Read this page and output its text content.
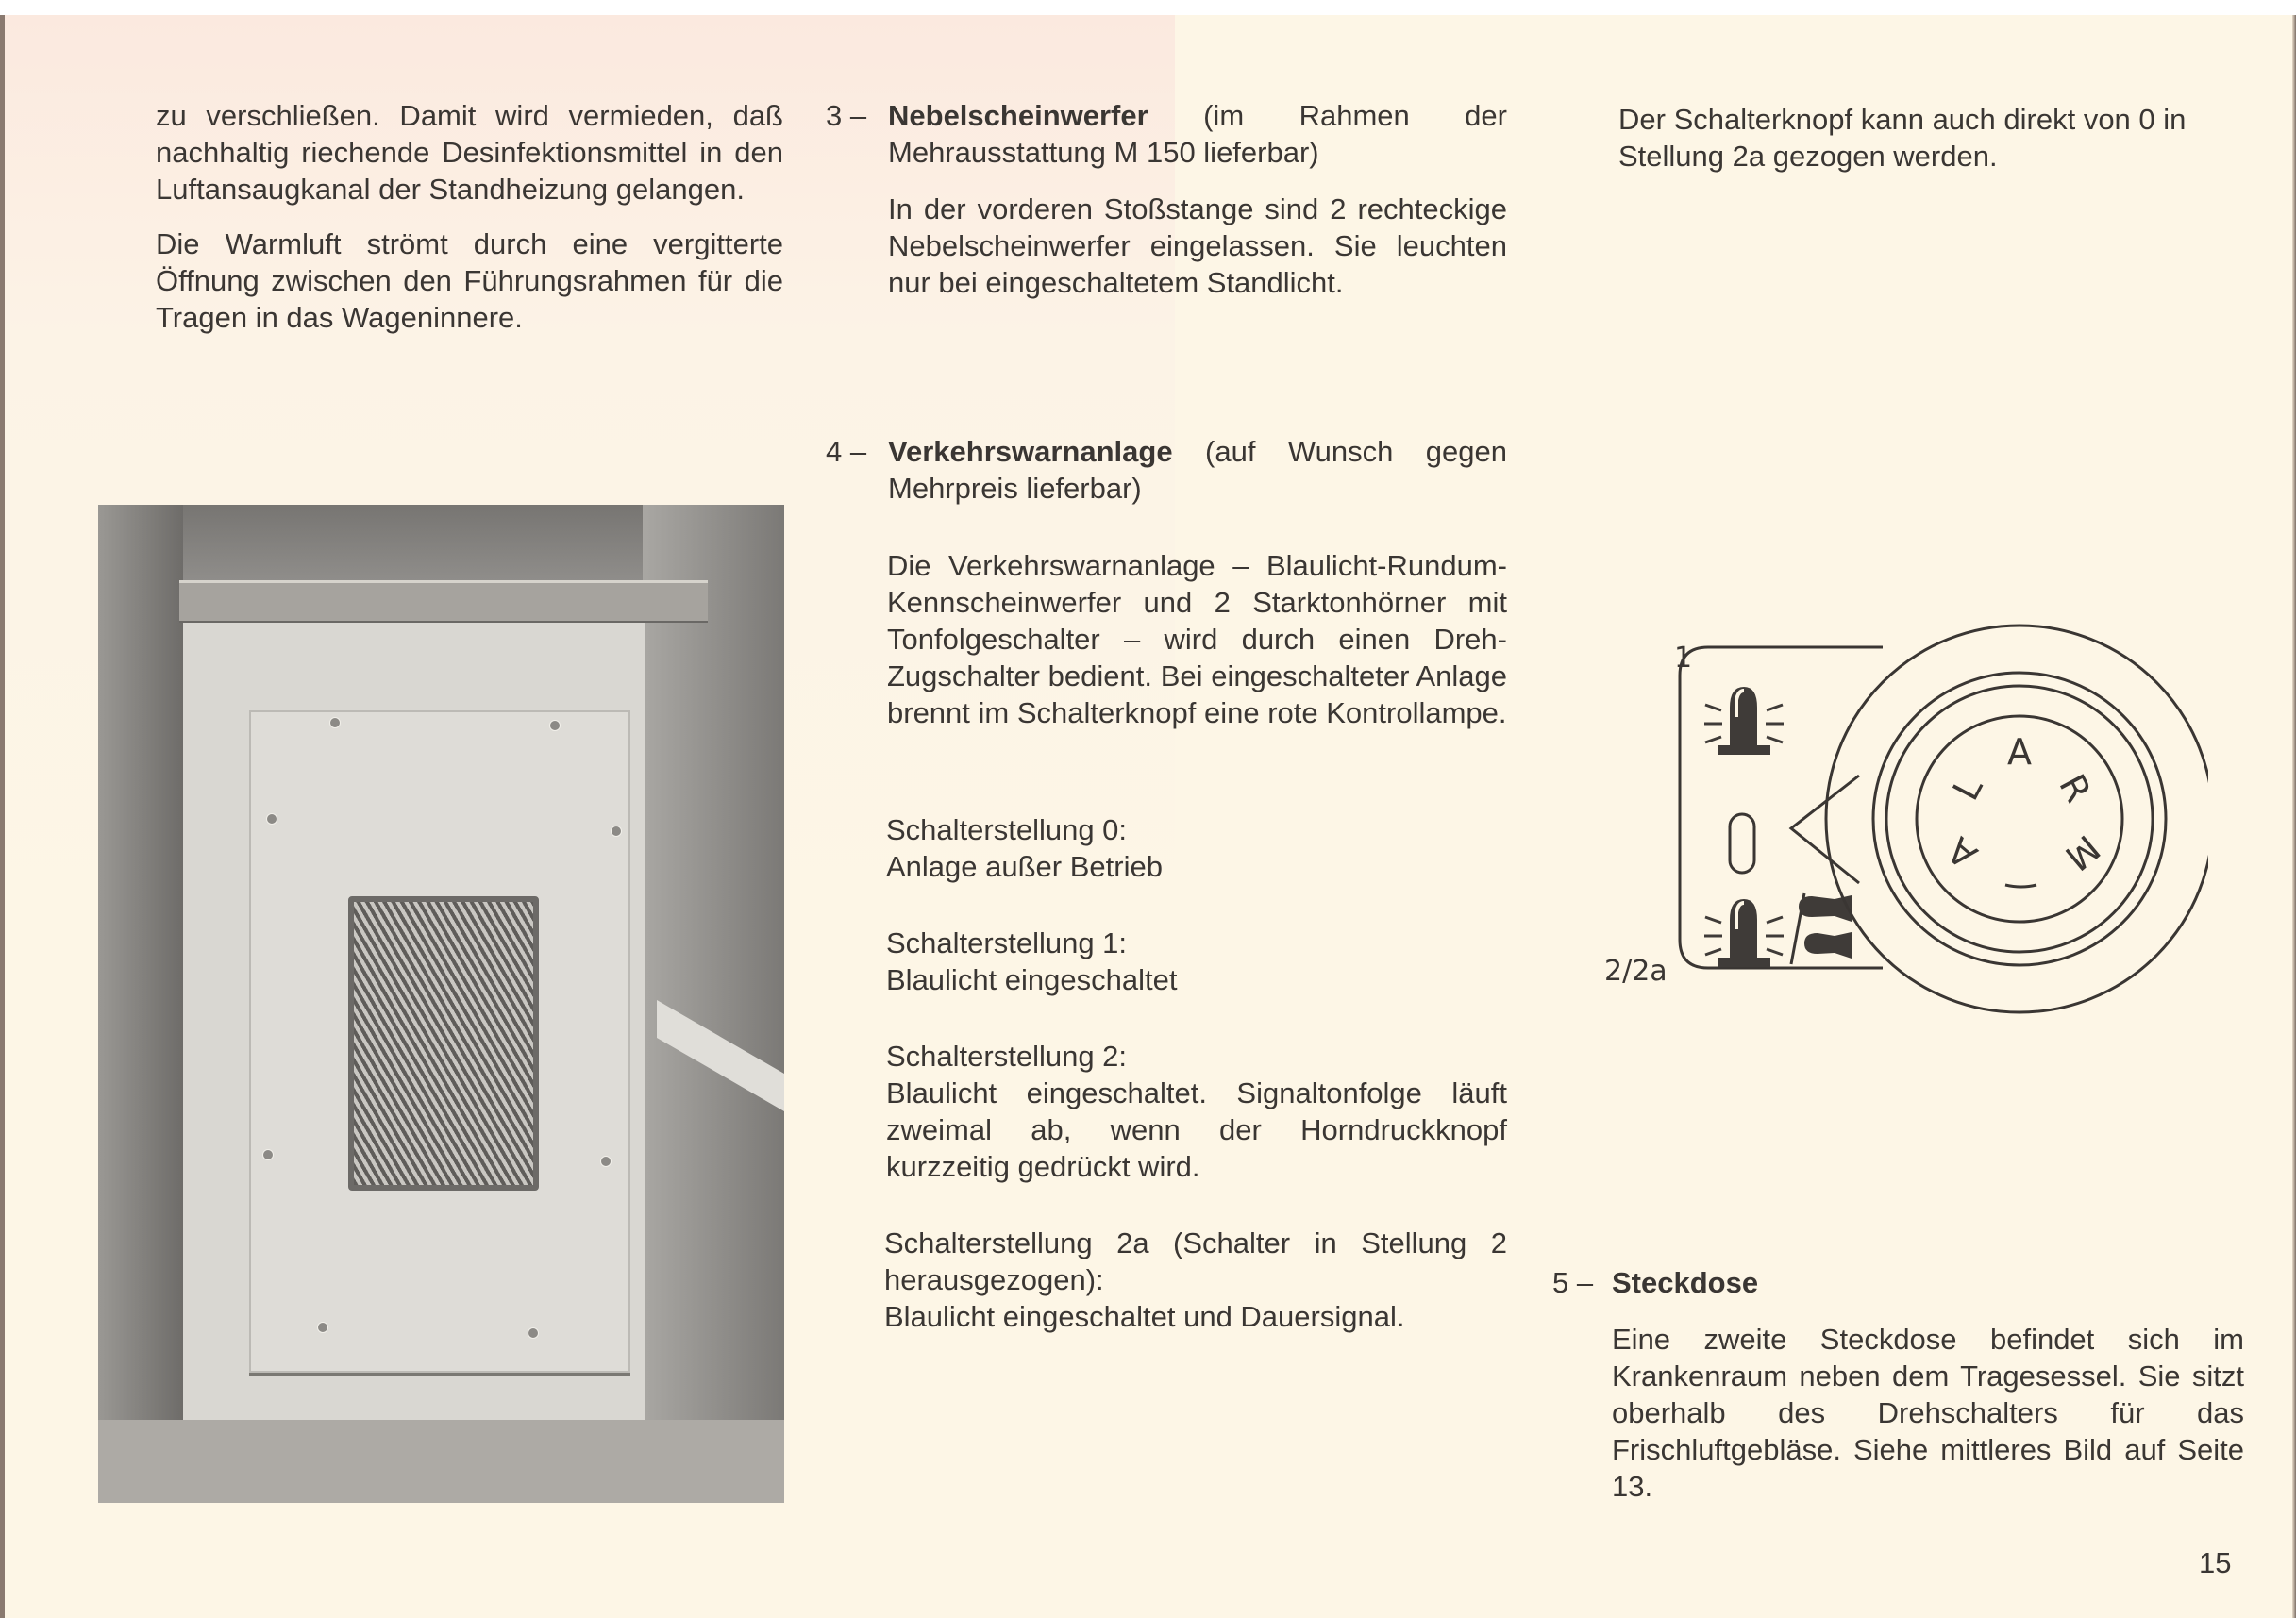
zu verschließen. Damit wird vermieden, daß nachhaltig riechende Desinfektionsmittel in den Luftansaugkanal der Standheizung gelangen.

Die Warmluft strömt durch eine vergitterte Öffnung zwischen den Führungsrahmen für die Tragen in das Wageninnere.

3 – Nebelscheinwerfer (im Rahmen der Mehrausstattung M 150 lieferbar)
In der vorderen Stoßstange sind 2 rechteckige Nebelscheinwerfer eingelassen. Sie leuchten nur bei eingeschaltetem Standlicht.
4 – Verkehrswarnanlage (auf Wunsch gegen Mehrpreis lieferbar)
Die Verkehrswarnanlage – Blaulicht-Rundum-Kennscheinwerfer und 2 Starktonhörner mit Tonfolgeschalter – wird durch einen Dreh-Zugschalter bedient. Bei eingeschalteter Anlage brennt im Schalterknopf eine rote Kontrollampe.

Schalterstellung 0:

Anlage außer Betrieb

Schalterstellung 1:

Blaulicht eingeschaltet

Schalterstellung 2:

Blaulicht eingeschaltet. Signaltonfolge läuft zweimal ab, wenn der Horndruckknopf kurzzeitig gedrückt wird.

Schalterstellung 2a (Schalter in Stellung 2 herausgezogen):

Blaulicht eingeschaltet und Dauersignal.

Der Schalterknopf kann auch direkt von 0 in Stellung 2a gezogen werden.
1
2/2a
A
L
A
R
M
5 – Steckdose
Eine zweite Steckdose befindet sich im Krankenraum neben dem Tragesessel. Sie sitzt oberhalb des Drehschalters für das Frischluftgebläse. Siehe mittleres Bild auf Seite 13.
15
